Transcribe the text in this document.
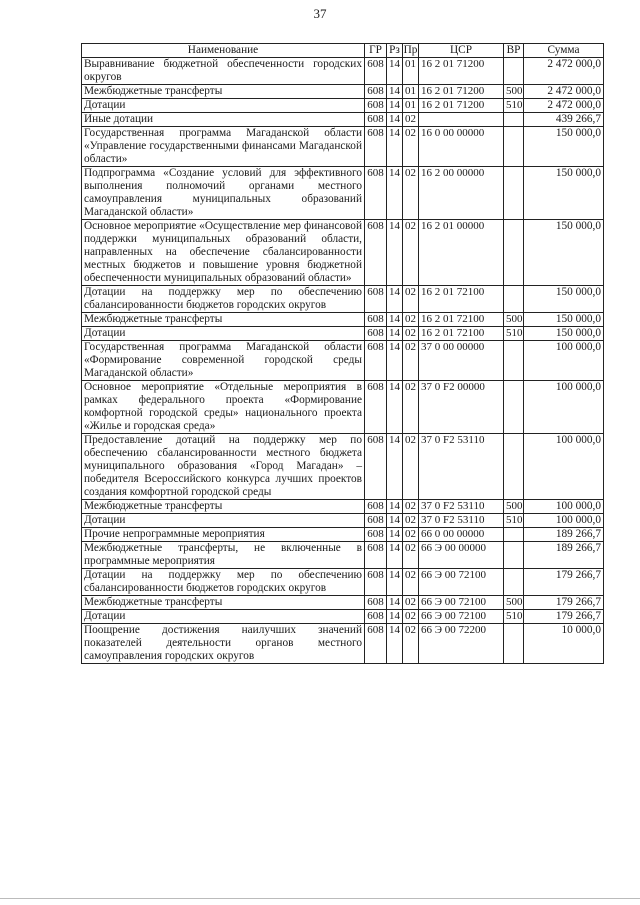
37
Наименование	ГР	Рз	Пр	ЦСР	ВР	Сумма
Выравнивание бюджетной обеспеченности городских округов	608	14	01	16 2 01 71200		2 472 000,0
Межбюджетные трансферты	608	14	01	16 2 01 71200	500	2 472 000,0
Дотации	608	14	01	16 2 01 71200	510	2 472 000,0
Иные дотации	608	14	02			439 266,7
Государственная программа Магаданской области «Управление государственными финансами Магаданской области»	608	14	02	16 0 00 00000		150 000,0
Подпрограмма «Создание условий для эффективного выполнения полномочий органами местного самоуправления муниципальных образований Магаданской области»	608	14	02	16 2 00 00000		150 000,0
Основное мероприятие «Осуществление мер финансовой поддержки муниципальных образований области, направленных на обеспечение сбалансированности местных бюджетов и повышение уровня бюджетной обеспеченности муниципальных образований области»	608	14	02	16 2 01 00000		150 000,0
Дотации на поддержку мер по обеспечению сбалансированности бюджетов городских округов	608	14	02	16 2 01 72100		150 000,0
Межбюджетные трансферты	608	14	02	16 2 01 72100	500	150 000,0
Дотации	608	14	02	16 2 01 72100	510	150 000,0
Государственная программа Магаданской области «Формирование современной городской среды Магаданской области»	608	14	02	37 0 00 00000		100 000,0
Основное мероприятие «Отдельные мероприятия в рамках федерального проекта «Формирование комфортной городской среды» национального проекта «Жилье и городская среда»	608	14	02	37 0 F2 00000		100 000,0
Предоставление дотаций на поддержку мер по обеспечению сбалансированности местного бюджета муниципального образования «Город Магадан» – победителя Всероссийского конкурса лучших проектов создания комфортной городской среды	608	14	02	37 0 F2 53110		100 000,0
Межбюджетные трансферты	608	14	02	37 0 F2 53110	500	100 000,0
Дотации	608	14	02	37 0 F2 53110	510	100 000,0
Прочие непрограммные мероприятия	608	14	02	66 0 00 00000		189 266,7
Межбюджетные трансферты, не включенные в программные мероприятия	608	14	02	66 Э 00 00000		189 266,7
Дотации на поддержку мер по обеспечению сбалансированности бюджетов городских округов	608	14	02	66 Э 00 72100		179 266,7
Межбюджетные трансферты	608	14	02	66 Э 00 72100	500	179 266,7
Дотации	608	14	02	66 Э 00 72100	510	179 266,7
Поощрение достижения наилучших значений показателей деятельности органов местного самоуправления городских округов	608	14	02	66 Э 00 72200		10 000,0
